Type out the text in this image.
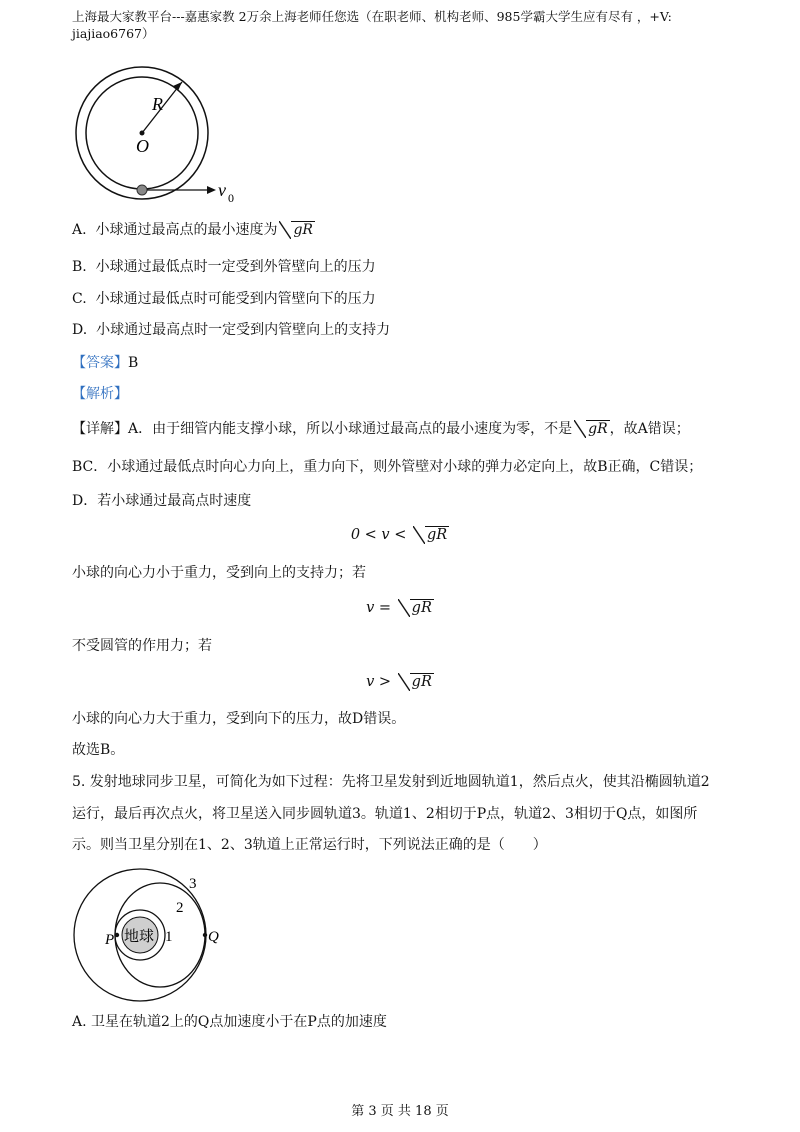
上海最大家教平台---嘉惠家教 2万余上海老师任您选（在职老师、机构老师、985学霸大学生应有尽有 ，+V: jiajiao6767）
R
O
v 0
A. 小球通过最高点的最小速度为 gR
B. 小球通过最低点时一定受到外管壁向上的压力
C. 小球通过最低点时可能受到内管壁向下的压力
D. 小球通过最高点时一定受到内管壁向上的支持力
【答案】B
【解析】
【详解】A．由于细管内能支撑小球，所以小球通过最高点的最小速度为零，不是 gR ，故A错误；
BC．小球通过最低点时向心力向上，重力向下，则外管壁对小球的弹力必定向上，故B正确，C错误；
D．若小球通过最高点时速度
0 < v < gR
小球的向心力小于重力，受到向上的支持力；若
v = gR
不受圆管的作用力；若
v > gR
小球的向心力大于重力，受到向下的压力，故D错误。
故选B。
5. 发射地球同步卫星，可简化为如下过程：先将卫星发射到近地圆轨道1，然后点火，使其沿椭圆轨道2
运行，最后再次点火，将卫星送入同步圆轨道3。轨道1、2相切于P点，轨道2、3相切于Q点，如图所
示。则当卫星分别在1、2、3轨道上正常运行时，下列说法正确的是（　　）
3
2
1
P	Q
地球
A. 卫星在轨道2上的Q点加速度小于在P点的加速度
第 3 页 共 18 页
